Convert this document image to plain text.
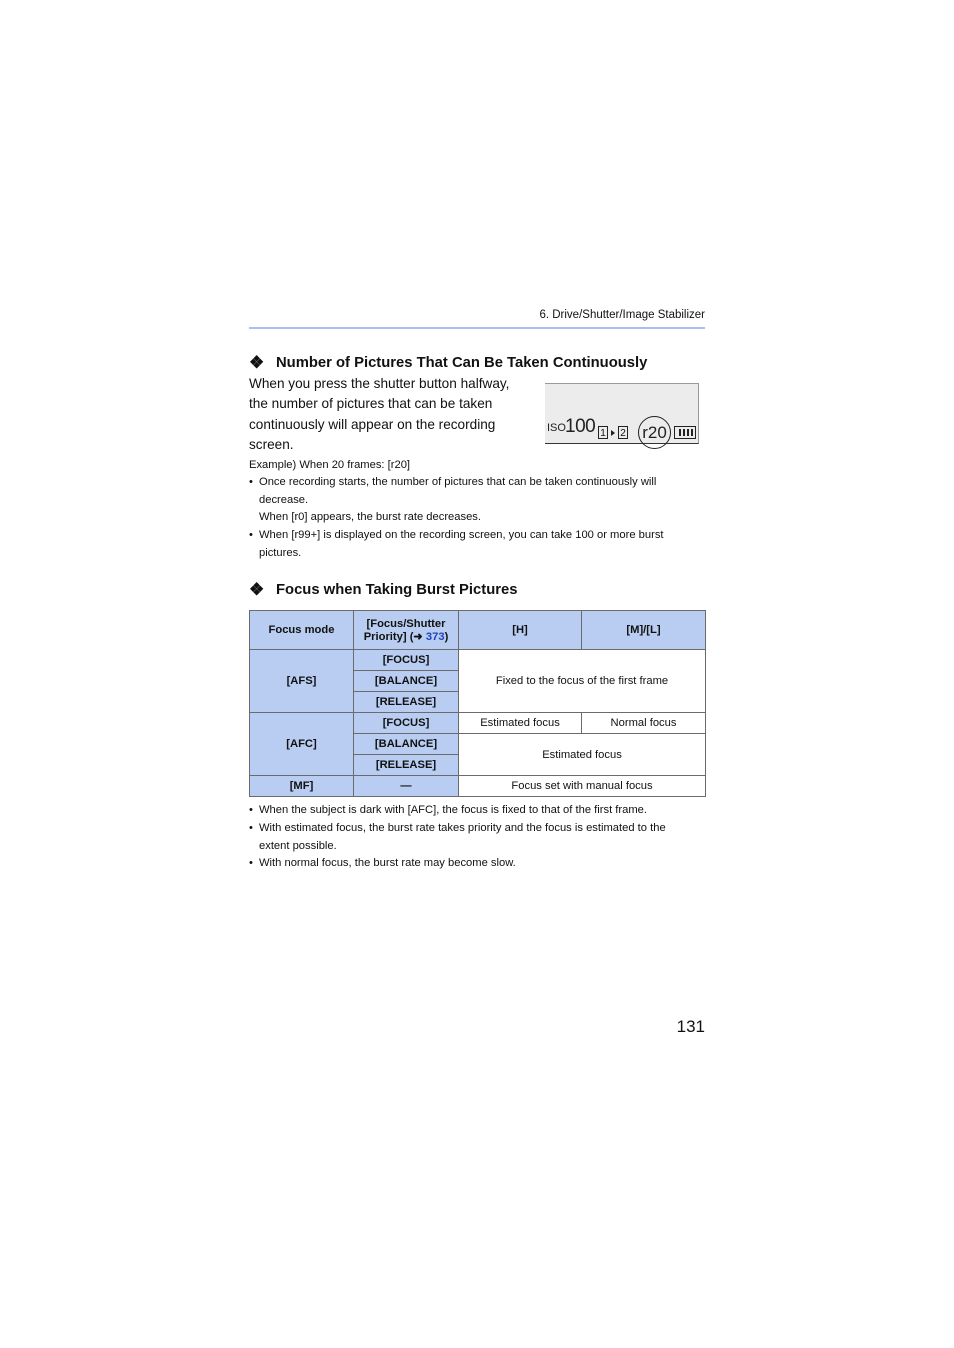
6. Drive/Shutter/Image Stabilizer
❖ Number of Pictures That Can Be Taken Continuously
When you press the shutter button halfway,
the number of pictures that can be taken
continuously will appear on the recording
screen.
ISO 100 1 2 r20
Example) When 20 frames: [r20]
• Once recording starts, the number of pictures that can be taken continuously will
decrease.
When [r0] appears, the burst rate decreases.
• When [r99+] is displayed on the recording screen, you can take 100 or more burst
pictures.
❖ Focus when Taking Burst Pictures
Focus mode	[Focus/Shutter
Priority] (➜ 373)	[H]	[M]/[L]
[AFS]	[FOCUS]	Fixed to the focus of the first frame	
	[BALANCE]		
	[RELEASE]		
[AFC]	[FOCUS]	Estimated focus	Normal focus
	[BALANCE]	Estimated focus	
	[RELEASE]		
[MF]	—	Focus set with manual focus	
• When the subject is dark with [AFC], the focus is fixed to that of the first frame.
• With estimated focus, the burst rate takes priority and the focus is estimated to the
extent possible.
• With normal focus, the burst rate may become slow.
131
